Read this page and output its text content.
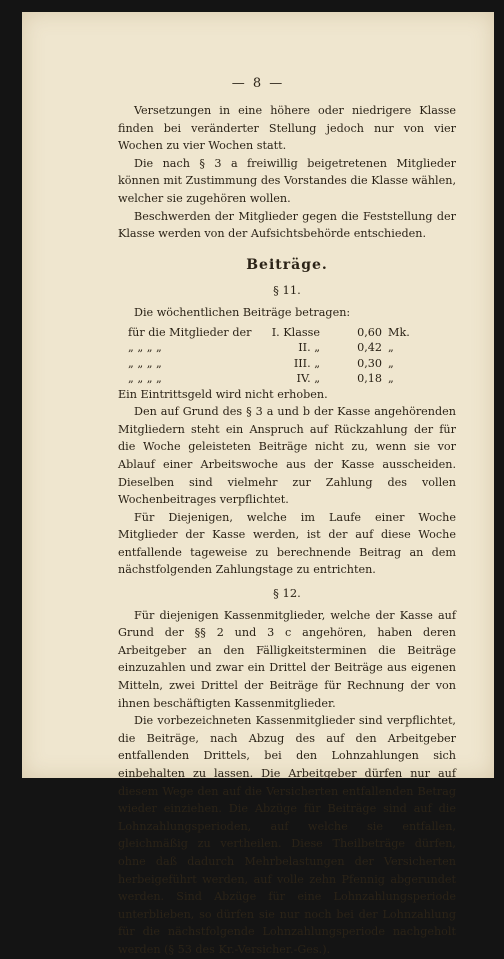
— 8 —

Versetzungen in eine höhere oder niedrigere Klasse finden bei veränderter Stellung jedoch nur von vier Wochen zu vier Wochen statt.

Die nach § 3 a freiwillig beigetretenen Mitglieder können mit Zustimmung des Vorstandes die Klasse wählen, welcher sie zugehören wollen.

Beschwerden der Mitglieder gegen die Feststellung der Klasse werden von der Aufsichtsbehörde entschieden.

Beiträge.
§ 11.

Die wöchentlichen Beiträge betragen:

für die Mitglieder der	I. Klasse	0,60 Mk.
„ „ „ „	II. „	0,42 „
„ „ „ „	III. „	0,30 „
„ „ „ „	IV. „	0,18 „

Ein Eintrittsgeld wird nicht erhoben.

Den auf Grund des § 3 a und b der Kasse angehörenden Mitgliedern steht ein Anspruch auf Rückzahlung der für die Woche geleisteten Beiträge nicht zu, wenn sie vor Ablauf einer Arbeitswoche aus der Kasse ausscheiden. Dieselben sind vielmehr zur Zahlung des vollen Wochenbeitrages verpflichtet.

Für Diejenigen, welche im Laufe einer Woche Mitglieder der Kasse werden, ist der auf diese Woche entfallende tageweise zu berechnende Beitrag an dem nächstfolgenden Zahlungstage zu entrichten.

§ 12.

Für diejenigen Kassenmitglieder, welche der Kasse auf Grund der §§ 2 und 3 c angehören, haben deren Arbeitgeber an den Fälligkeitsterminen die Beiträge einzuzahlen und zwar ein Drittel der Beiträge aus eigenen Mitteln, zwei Drittel der Beiträge für Rechnung der von ihnen beschäftigten Kassenmitglieder.

Die vorbezeichneten Kassenmitglieder sind verpflichtet, die Beiträge, nach Abzug des auf den Arbeitgeber entfallenden Drittels, bei den Lohnzahlungen sich einbehalten zu lassen. Die Arbeitgeber dürfen nur auf diesem Wege den auf die Versicherten entfallenden Betrag wieder einziehen. Die Abzüge für Beiträge sind auf die Lohnzahlungsperioden, auf welche sie entfallen, gleichmäßig zu vertheilen. Diese Theilbeträge dürfen, ohne daß dadurch Mehrbelastungen der Versicherten herbeigeführt werden, auf volle zehn Pfennig abgerundet werden. Sind Abzüge für eine Lohnzahlungsperiode unterblieben, so dürfen sie nur noch bei der Lohnzahlung für die nächstfolgende Lohnzahlungsperiode nachgeholt werden (§ 53 des Kr.-Versicher.-Ges.).
